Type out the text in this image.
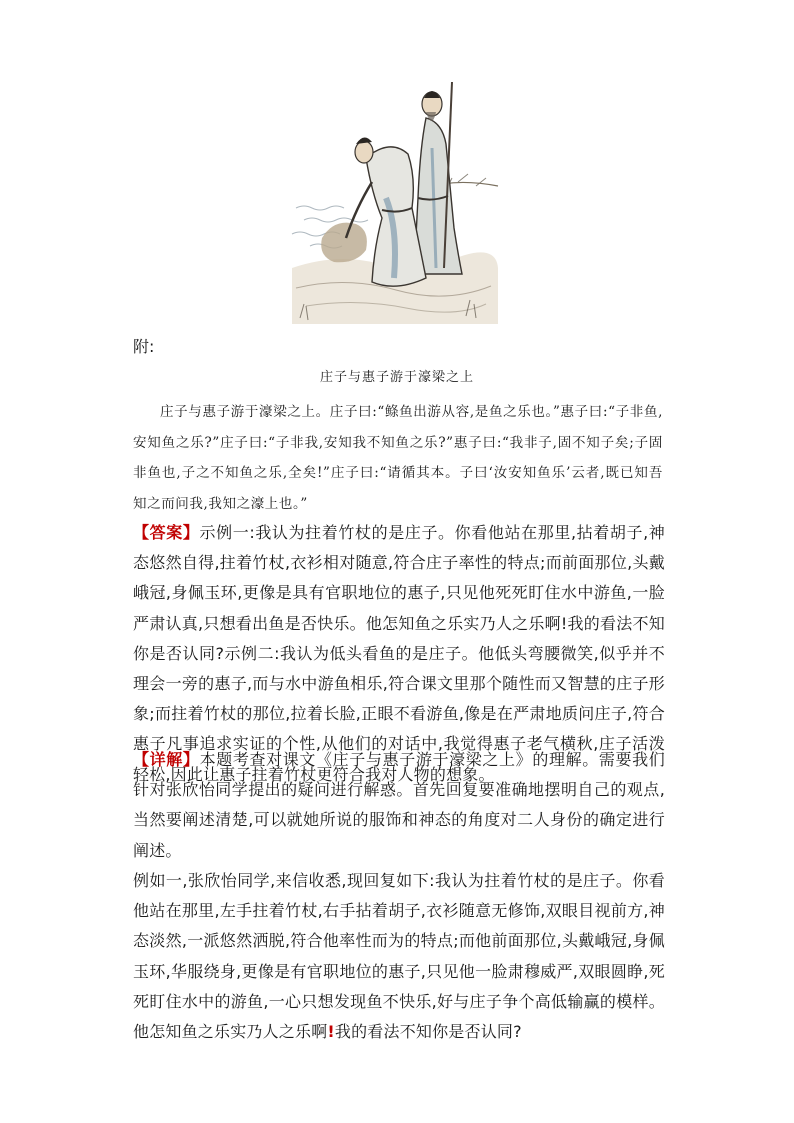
附:
庄子与惠子游于濠梁之上
庄子与惠子游于濠梁之上。庄子曰:“鲦鱼出游从容,是鱼之乐也。”惠子曰:“子非鱼,安知鱼之乐?”庄子曰:“子非我,安知我不知鱼之乐?”惠子曰:“我非子,固不知子矣;子固非鱼也,子之不知鱼之乐,全矣!”庄子曰:“请循其本。子曰‘汝安知鱼乐’云者,既已知吾知之而问我,我知之濠上也。”
【 答案 】 示例一:我认为拄着竹杖的是庄子。你看他站在那里,拈着胡子,神态悠然自得,拄着竹杖,衣衫相对随意,符合庄子率性的特点;而前面那位,头戴峨冠,身佩玉环,更像是具有官职地位的惠子,只见他死死盯住水中游鱼,一脸严肃认真,只想看出鱼是否快乐。他怎知鱼之乐实乃人之乐啊!我的看法不知你是否认同?示例二:我认为低头看鱼的是庄子。他低头弯腰微笑,似乎并不理会一旁的惠子,而与水中游鱼相乐,符合课文里那个随性而又智慧的庄子形象;而拄着竹杖的那位,拉着长脸,正眼不看游鱼,像是在严肃地质问庄子,符合惠子凡事追求实证的个性,从他们的对话中,我觉得惠子老气横秋,庄子活泼轻松,因此让惠子拄着竹杖更符合我对人物的想象。
【 详解 】 本题考查对课文《庄子与惠子游于濠梁之上》的理解。需要我们针对张欣怡同学提出的疑问进行解惑。首先回复要准确地摆明自己的观点,当然要阐述清楚,可以就她所说的服饰和神态的角度对二人身份的确定进行阐述。
例如一,张欣怡同学,来信收悉,现回复如下:我认为拄着竹杖的是庄子。你看他站在那里,左手拄着竹杖,右手拈着胡子,衣衫随意无修饰,双眼目视前方,神态淡然,一派悠然洒脱,符合他率性而为的特点;而他前面那位,头戴峨冠,身佩玉环,华服绕身,更像是有官职地位的惠子,只见他一脸肃穆威严,双眼圆睁,死死盯住水中的游鱼,一心只想发现鱼不快乐,好与庄子争个高低输赢的模样。他怎知鱼之乐实乃人之乐啊!我的看法不知你是否认同?
